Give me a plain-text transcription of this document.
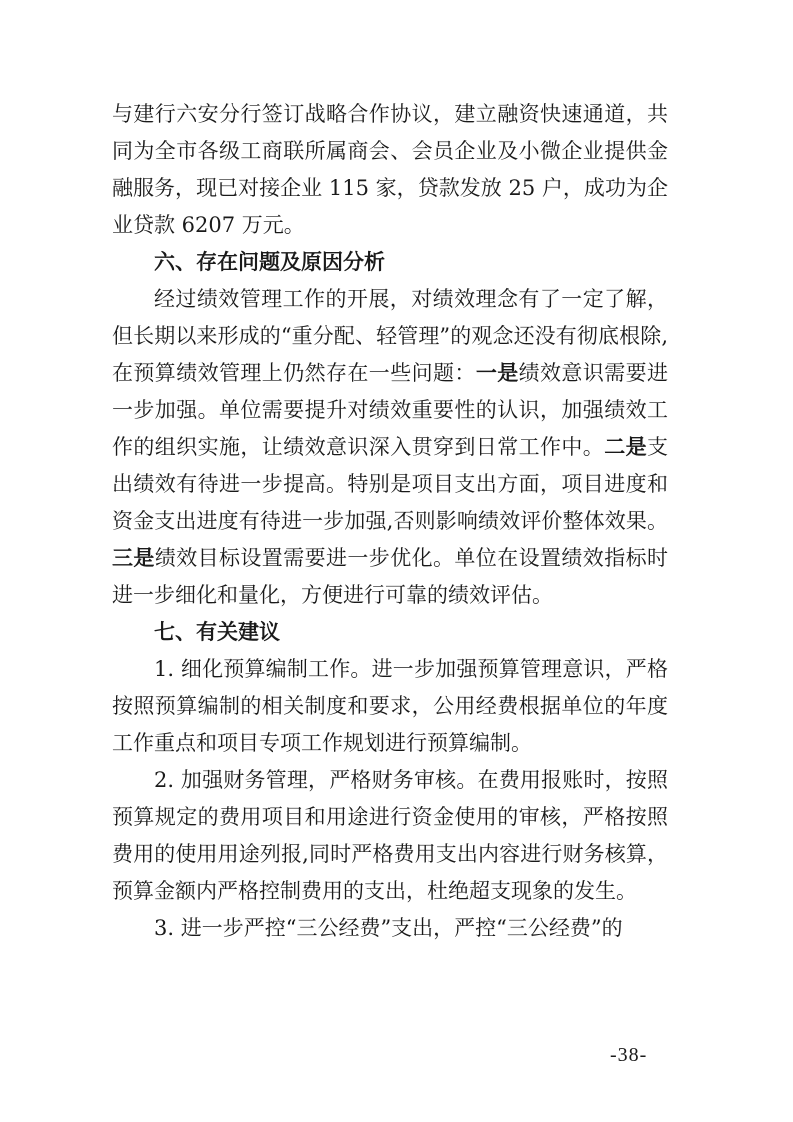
与建行六安分行签订战略合作协议，建立融资快速通道，共同为全市各级工商联所属商会、会员企业及小微企业提供金融服务，现已对接企业 115 家，贷款发放 25 户，成功为企业贷款 6207 万元。

六、存在问题及原因分析

经过绩效管理工作的开展，对绩效理念有了一定了解，但长期以来形成的“重分配、轻管理”的观念还没有彻底根除,在预算绩效管理上仍然存在一些问题：一是绩效意识需要进一步加强。单位需要提升对绩效重要性的认识，加强绩效工作的组织实施，让绩效意识深入贯穿到日常工作中。二是支出绩效有待进一步提高。特别是项目支出方面，项目进度和资金支出进度有待进一步加强,否则影响绩效评价整体效果。三是绩效目标设置需要进一步优化。单位在设置绩效指标时进一步细化和量化，方便进行可靠的绩效评估。

七、有关建议

1. 细化预算编制工作。进一步加强预算管理意识，严格按照预算编制的相关制度和要求，公用经费根据单位的年度工作重点和项目专项工作规划进行预算编制。

2. 加强财务管理，严格财务审核。在费用报账时，按照预算规定的费用项目和用途进行资金使用的审核，严格按照费用的使用用途列报,同时严格费用支出内容进行财务核算，预算金额内严格控制费用的支出，杜绝超支现象的发生。

3. 进一步严控“三公经费”支出，严控“三公经费”的

-38-
